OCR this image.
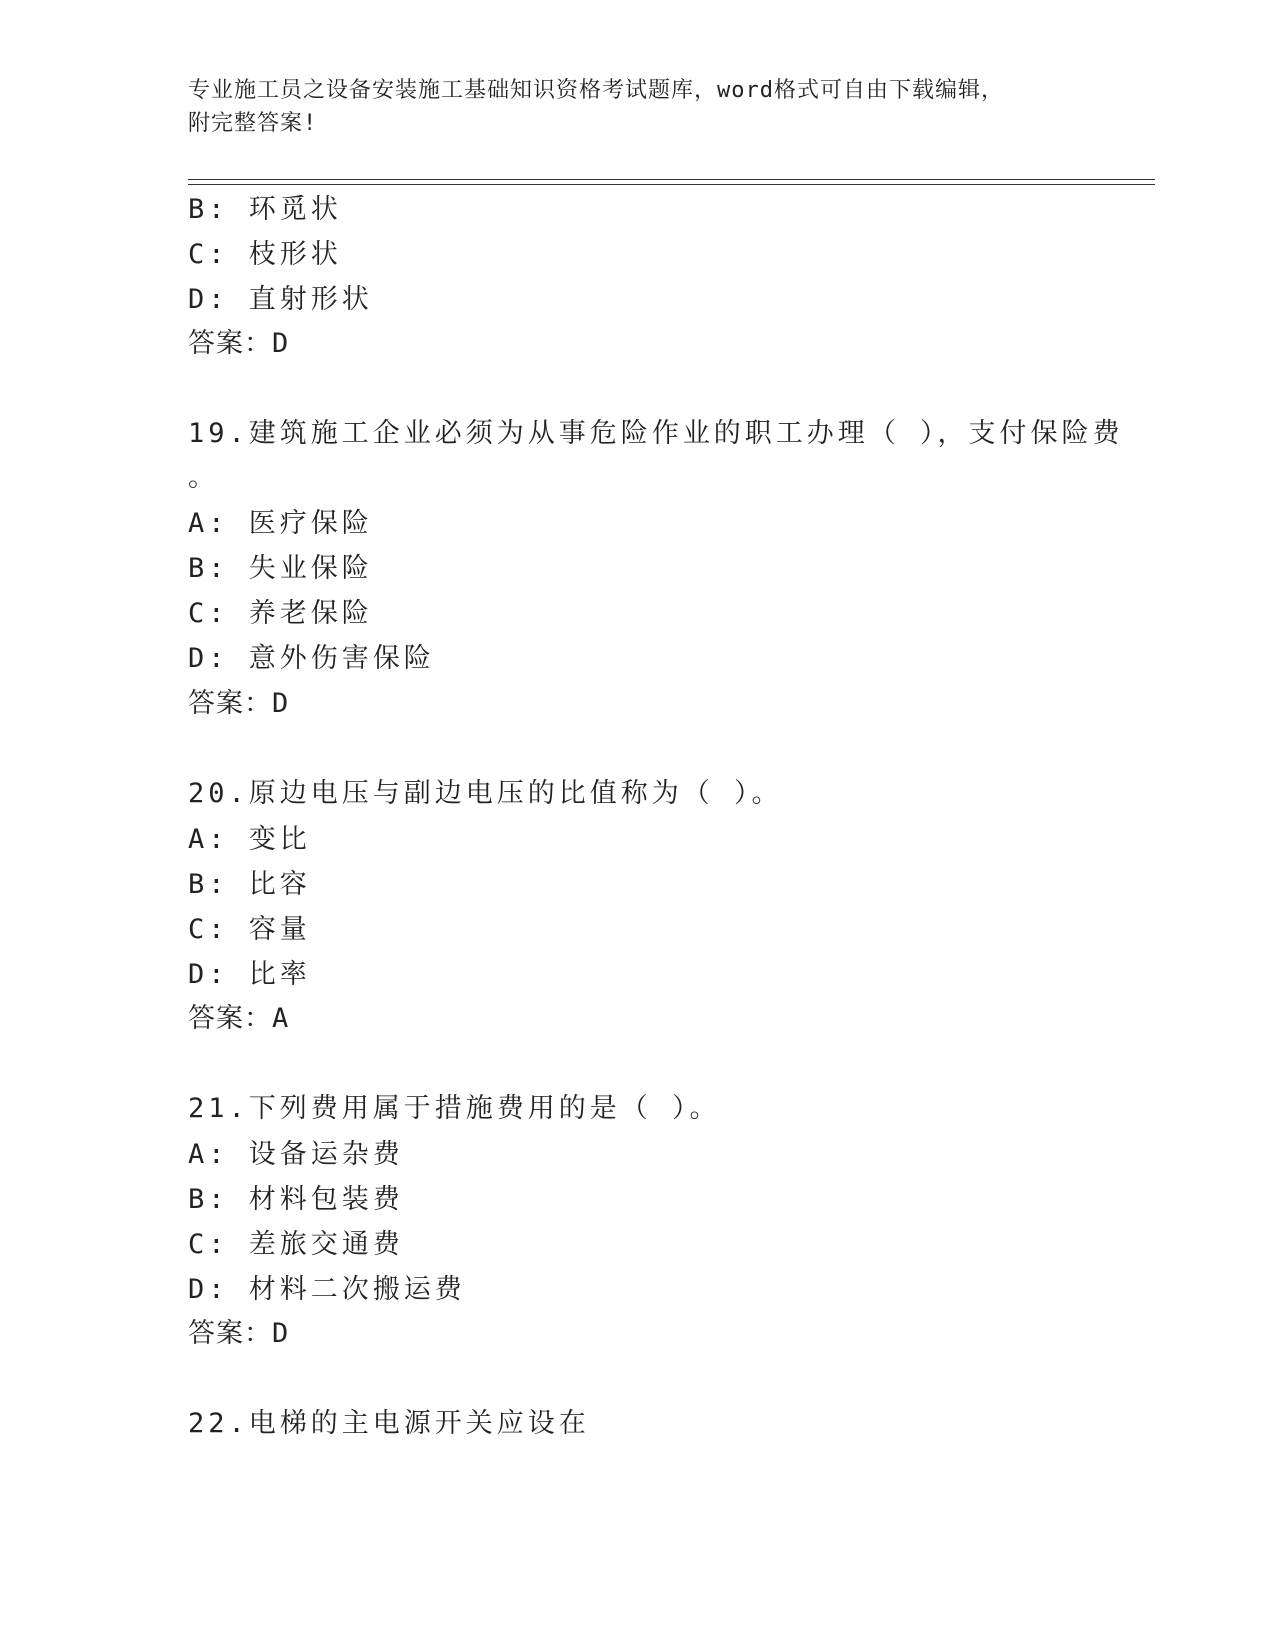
专业施工员之设备安装施工基础知识资格考试题库，word格式可自由下载编辑，
附完整答案!
B: 环觅状
C: 枝形状
D: 直射形状
答案：D
19.建筑施工企业必须为从事危险作业的职工办理（ ），支付保险费
。
A: 医疗保险
B: 失业保险
C: 养老保险
D: 意外伤害保险
答案：D
20.原边电压与副边电压的比值称为（ ）。
A: 变比
B: 比容
C: 容量
D: 比率
答案：A
21.下列费用属于措施费用的是（ ）。
A: 设备运杂费
B: 材料包装费
C: 差旅交通费
D: 材料二次搬运费
答案：D
22.电梯的主电源开关应设在
